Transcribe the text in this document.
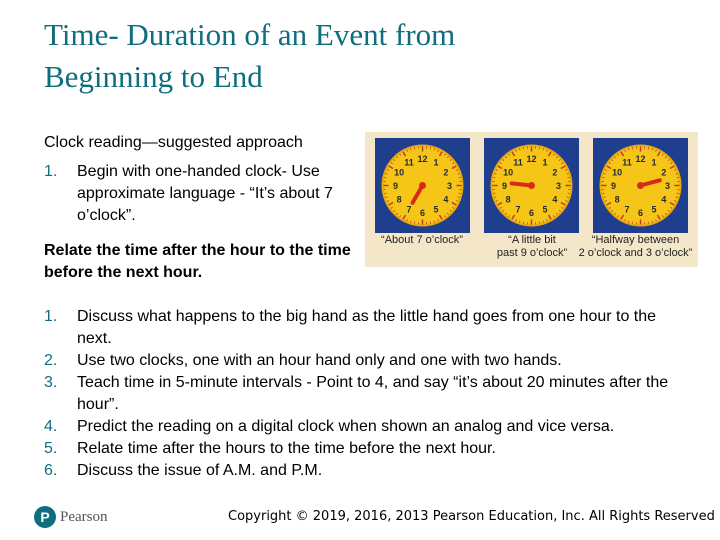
Time- Duration of an Event from
Beginning to End
Clock reading—suggested approach
1.	Begin with one-handed clock- Use approximate language - “It’s about 7 o’clock”.
Relate the time after the hour to the time before the next hour.
12 1
2
3
4
5
6
7
8
9
10
11	12 1
2
3
4
5
6
7
8
9
10
11	12 1
2
3
4
5
6
7
8
9
10
11
“About 7 o’clock”	“A little bit
past 9 o’clock”
“Halfway between
2 o’clock and 3 o’clock”
1.	Discuss what happens to the big hand as the little hand goes from one hour to the next.
2.	Use two clocks, one with an hour hand only and one with two hands.
3.	Teach time in 5-minute intervals - Point to 4, and say “it’s about 20 minutes after the hour”.
4.	Predict the reading on a digital clock when shown an analog and vice versa.
5.	Relate time after the hours to the time before the next hour.
6.	Discuss the issue of A.M. and P.M.
P Pearson	Copyright © 2019, 2016, 2013 Pearson Education, Inc. All Rights Reserved
